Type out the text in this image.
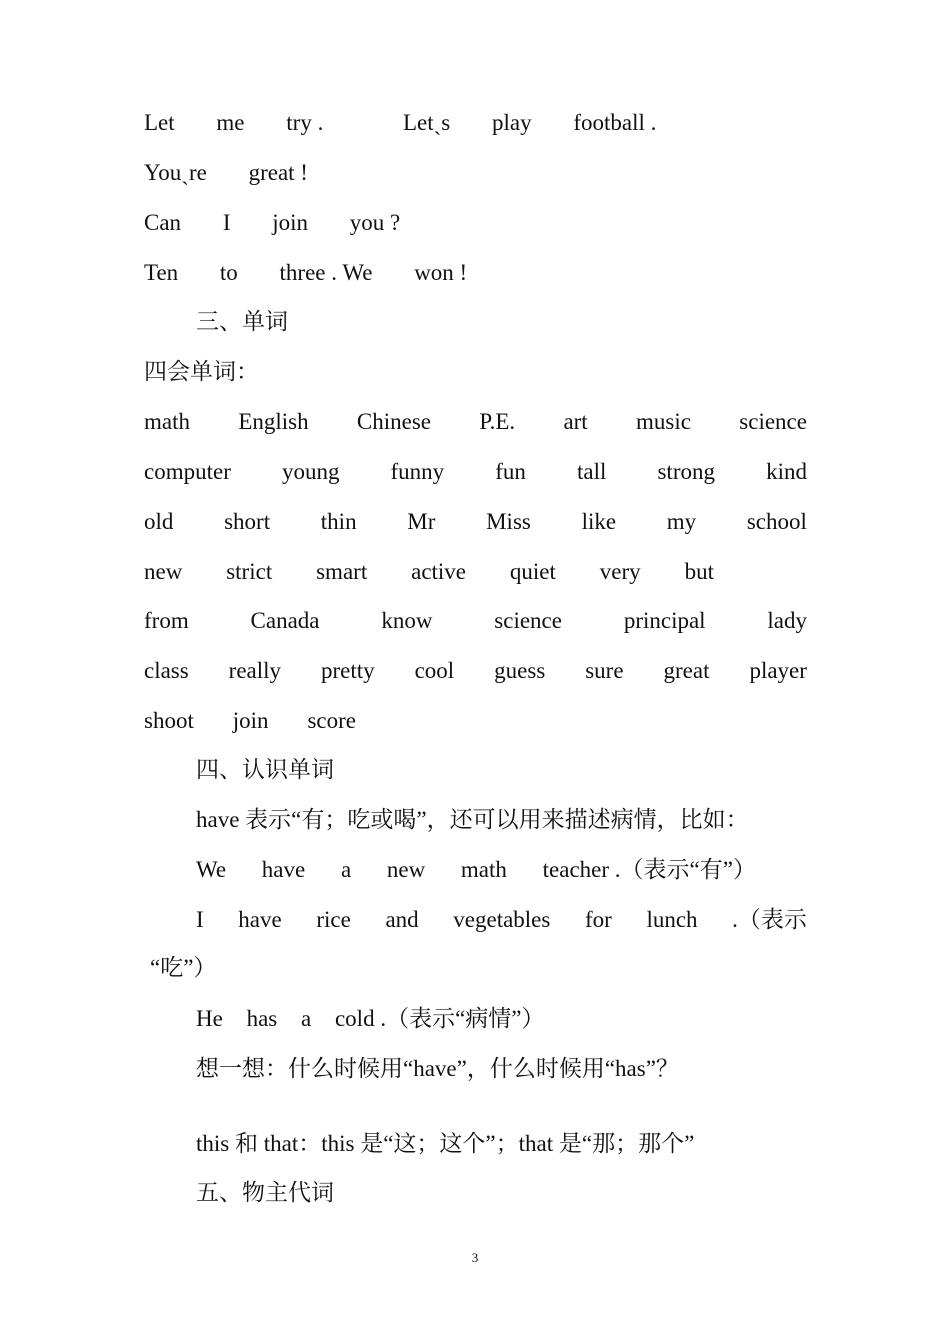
Let me try .	Letˏs play football .
Youˏre great !
Can I join you ?
Ten to three . We won !
三、单词
四会单词：
math English Chinese P.E. art music science
computer young funny fun tall strong kind
old short thin Mr Miss like my school
new strict smart active quiet very but
from	Canada	know	science	principal	lady
class really pretty cool guess sure great player
shoot join score
四、认识单词
have 表示“有；吃或喝”，还可以用来描述病情，比如：
We have a new math teacher .（表示“有”）
I have rice and vegetables for lunch .（表示
“吃”）
He has a cold .（表示“病情”）
想一想：什么时候用“have”，什么时候用“has”？
this 和 that：this 是“这；这个”；that 是“那；那个”
五、物主代词
3
